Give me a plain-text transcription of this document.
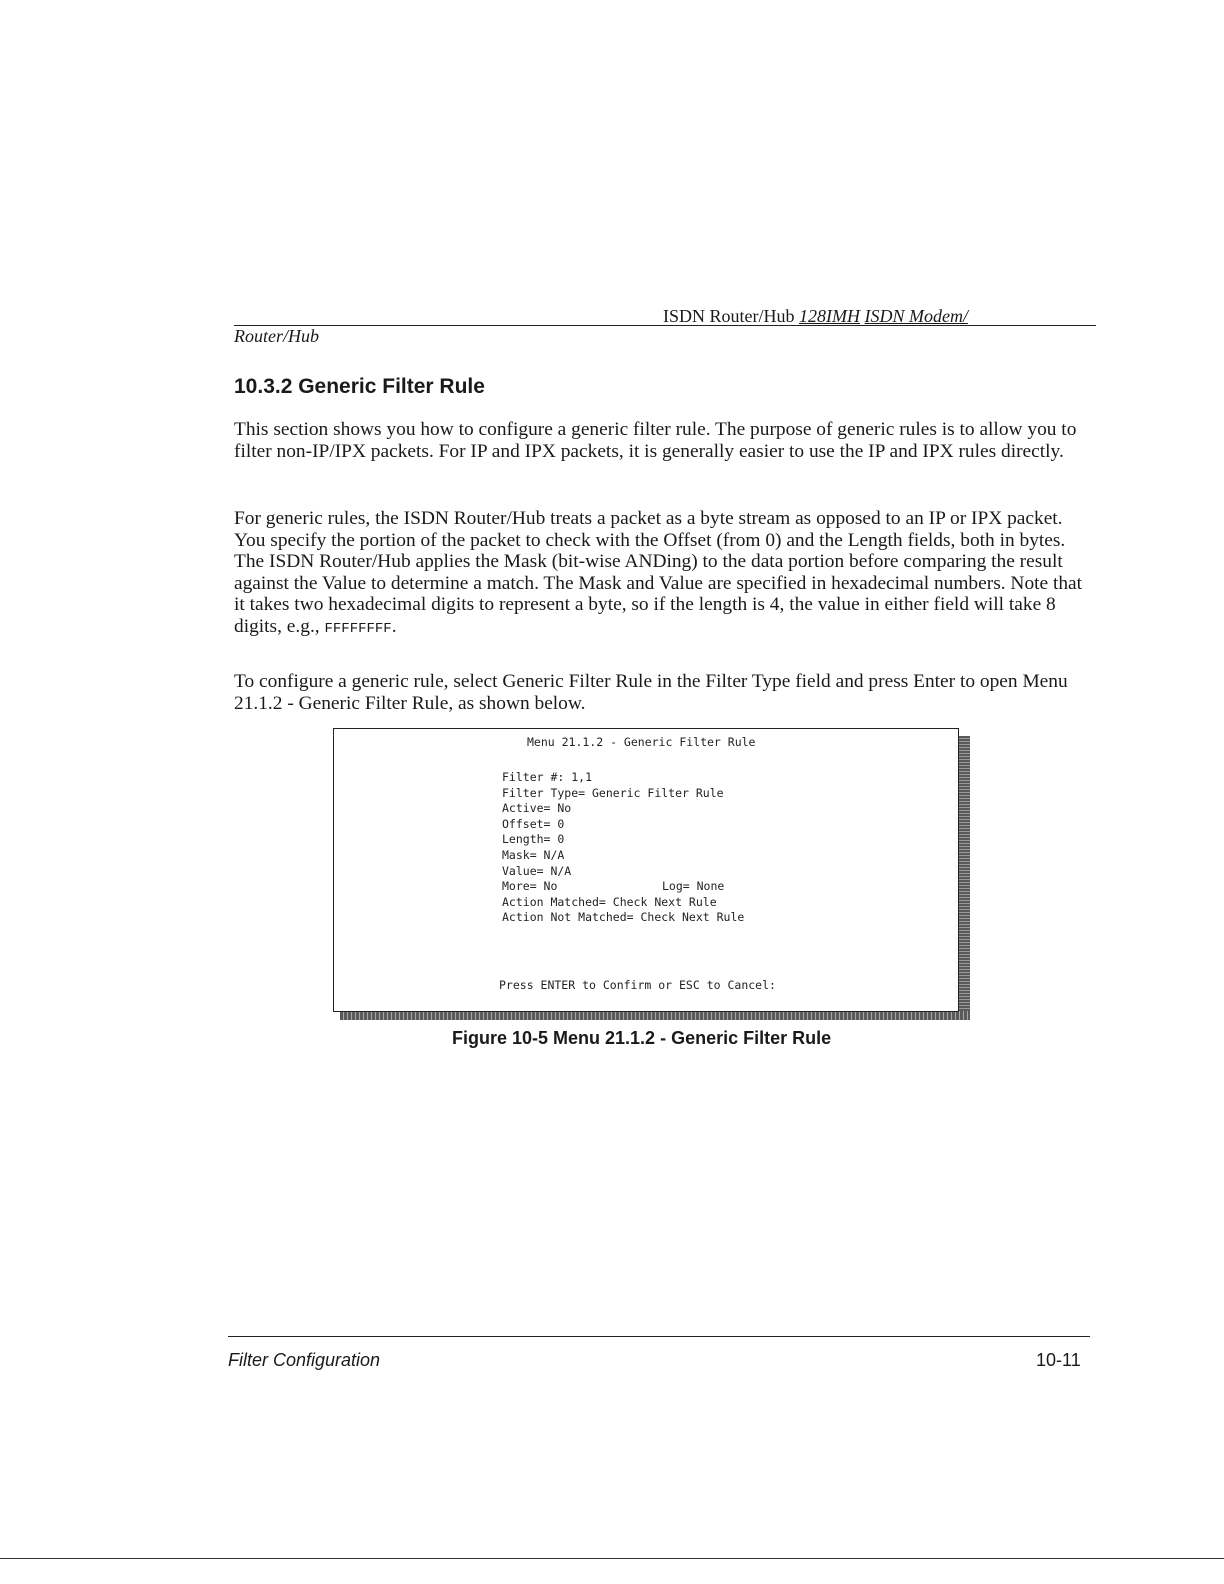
ISDN Router/Hub 128IMH ISDN Modem/
Router/Hub
10.3.2 Generic Filter Rule

This section shows you how to configure a generic filter rule. The purpose of generic rules is to allow you to filter non-IP/IPX packets. For IP and IPX packets, it is generally easier to use the IP and IPX rules directly.

For generic rules, the ISDN Router/Hub treats a packet as a byte stream as opposed to an IP or IPX packet. You specify the portion of the packet to check with the Offset (from 0) and the Length fields, both in bytes. The ISDN Router/Hub applies the Mask (bit-wise ANDing) to the data portion before comparing the result against the Value to determine a match. The Mask and Value are specified in hexadecimal numbers. Note that it takes two hexadecimal digits to represent a byte, so if the length is 4, the value in either field will take 8 digits, e.g., FFFFFFFF.

To configure a generic rule, select Generic Filter Rule in the Filter Type field and press Enter to open Menu 21.1.2 - Generic Filter Rule, as shown below.

Menu 21.1.2 - Generic Filter Rule
Filter #: 1,1
Filter Type= Generic Filter Rule
Active= No
Offset= 0
Length= 0
Mask= N/A
Value= N/A
More= No	Log= None
Action Matched= Check Next Rule
Action Not Matched= Check Next Rule
Press ENTER to Confirm or ESC to Cancel:

Figure 10-5 Menu 21.1.2 - Generic Filter Rule

Filter Configuration	10-11
